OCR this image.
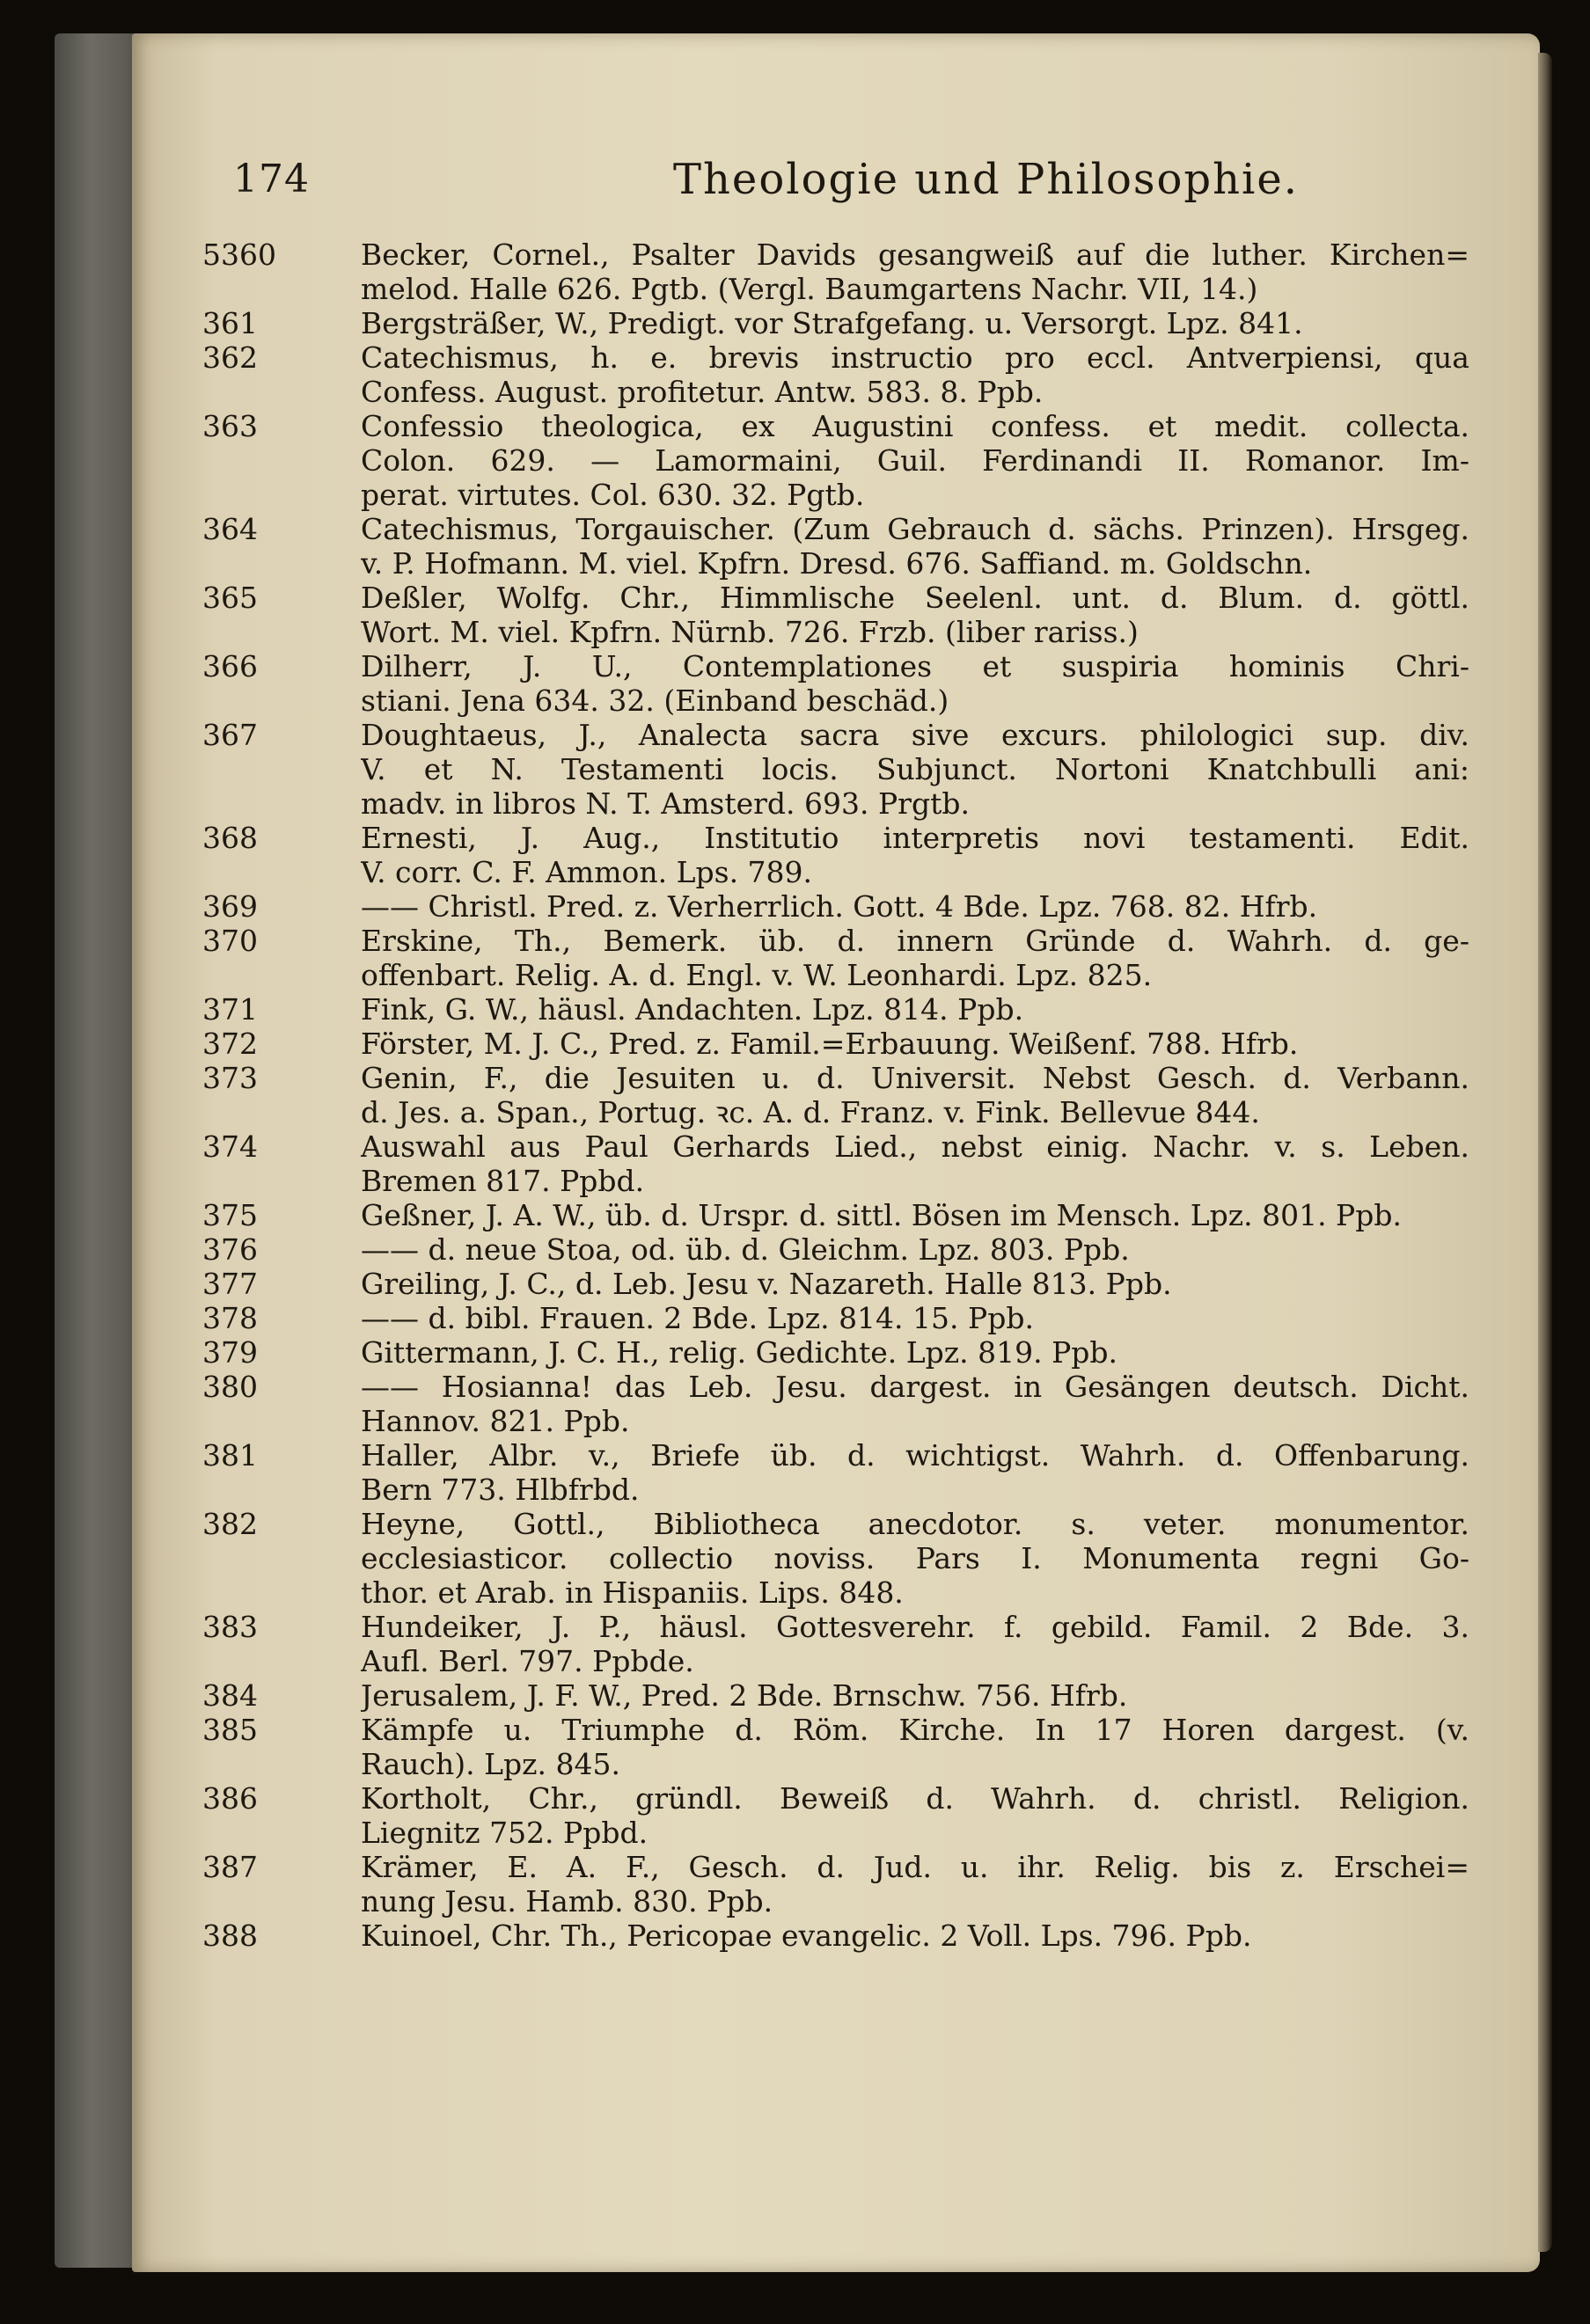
174	Theologie und Philosophie.
5360	Becker, Cornel., Psalter Davids gesangweiß auf die luther. Kirchen=
melod. Halle 626. Pgtb. (Vergl. Baumgartens Nachr. VII, 14.)
361	Bergsträßer, W., Predigt. vor Strafgefang. u. Versorgt. Lpz. 841.
362	Catechismus, h. e. brevis instructio pro eccl. Antverpiensi, qua
Confess. August. profitetur. Antw. 583. 8. Ppb.
363	Confessio theologica, ex Augustini confess. et medit. collecta.
Colon. 629. — Lamormaini, Guil. Ferdinandi II. Romanor. Im-
perat. virtutes. Col. 630. 32. Pgtb.
364	Catechismus, Torgauischer. (Zum Gebrauch d. sächs. Prinzen). Hrsgeg.
v. P. Hofmann. M. viel. Kpfrn. Dresd. 676. Saffiand. m. Goldschn.
365	Deßler, Wolfg. Chr., Himmlische Seelenl. unt. d. Blum. d. göttl.
Wort. M. viel. Kpfrn. Nürnb. 726. Frzb. (liber rariss.)
366	Dilherr, J. U., Contemplationes et suspiria hominis Chri-
stiani. Jena 634. 32. (Einband beschäd.)
367	Doughtaeus, J., Analecta sacra sive excurs. philologici sup. div.
V. et N. Testamenti locis. Subjunct. Nortoni Knatchbulli ani:
madv. in libros N. T. Amsterd. 693. Prgtb.
368	Ernesti, J. Aug., Institutio interpretis novi testamenti. Edit.
V. corr. C. F. Ammon. Lps. 789.
369	—— Christl. Pred. z. Verherrlich. Gott. 4 Bde. Lpz. 768. 82. Hfrb.
370	Erskine, Th., Bemerk. üb. d. innern Gründe d. Wahrh. d. ge-
offenbart. Relig. A. d. Engl. v. W. Leonhardi. Lpz. 825.
371	Fink, G. W., häusl. Andachten. Lpz. 814. Ppb.
372	Förster, M. J. C., Pred. z. Famil.=Erbauung. Weißenf. 788. Hfrb.
373	Genin, F., die Jesuiten u. d. Universit. Nebst Gesch. d. Verbann.
d. Jes. a. Span., Portug. ꝛc. A. d. Franz. v. Fink. Bellevue 844.
374	Auswahl aus Paul Gerhards Lied., nebst einig. Nachr. v. s. Leben.
Bremen 817. Ppbd.
375	Geßner, J. A. W., üb. d. Urspr. d. sittl. Bösen im Mensch. Lpz. 801. Ppb.
376	—— d. neue Stoa, od. üb. d. Gleichm. Lpz. 803. Ppb.
377	Greiling, J. C., d. Leb. Jesu v. Nazareth. Halle 813. Ppb.
378	—— d. bibl. Frauen. 2 Bde. Lpz. 814. 15. Ppb.
379	Gittermann, J. C. H., relig. Gedichte. Lpz. 819. Ppb.
380	—— Hosianna! das Leb. Jesu. dargest. in Gesängen deutsch. Dicht.
Hannov. 821. Ppb.
381	Haller, Albr. v., Briefe üb. d. wichtigst. Wahrh. d. Offenbarung.
Bern 773. Hlbfrbd.
382	Heyne, Gottl., Bibliotheca anecdotor. s. veter. monumentor.
ecclesiasticor. collectio noviss. Pars I. Monumenta regni Go-
thor. et Arab. in Hispaniis. Lips. 848.
383	Hundeiker, J. P., häusl. Gottesverehr. f. gebild. Famil. 2 Bde. 3.
Aufl. Berl. 797. Ppbde.
384	Jerusalem, J. F. W., Pred. 2 Bde. Brnschw. 756. Hfrb.
385	Kämpfe u. Triumphe d. Röm. Kirche. In 17 Horen dargest. (v.
Rauch). Lpz. 845.
386	Kortholt, Chr., gründl. Beweiß d. Wahrh. d. christl. Religion.
Liegnitz 752. Ppbd.
387	Krämer, E. A. F., Gesch. d. Jud. u. ihr. Relig. bis z. Erschei=
nung Jesu. Hamb. 830. Ppb.
388	Kuinoel, Chr. Th., Pericopae evangelic. 2 Voll. Lps. 796. Ppb.
